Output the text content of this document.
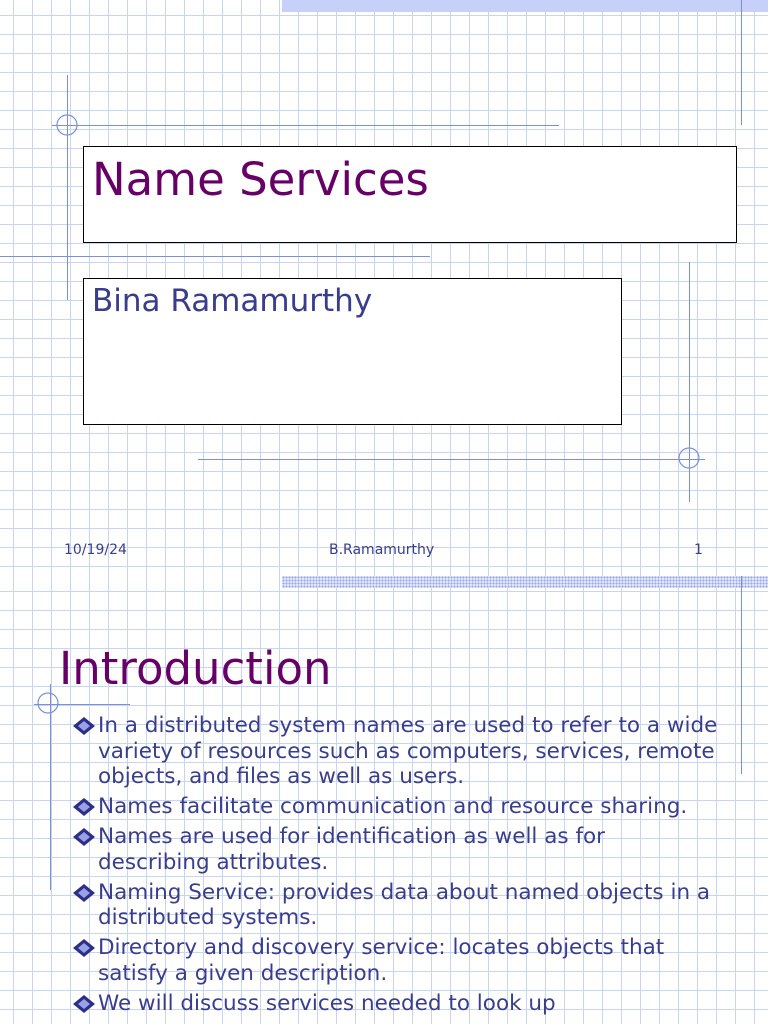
Name Services
Bina Ramamurthy
10/19/24	B.Ramamurthy	1
Introduction
In a distributed system names are used to refer to a wide variety of resources such as computers, services, remote objects, and files as well as users.
Names facilitate communication and resource sharing.
Names are used for identification as well as for describing attributes.
Naming Service: provides data about named objects in a distributed systems.
Directory and discovery service: locates objects that satisfy a given description.
We will discuss services needed to look up
